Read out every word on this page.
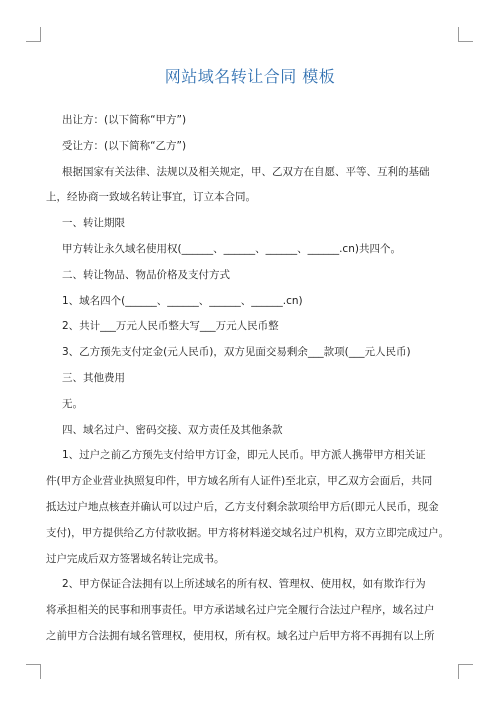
网站域名转让合同 模板

出让方：(以下简称“甲方”)

受让方：(以下简称“乙方”)

根据国家有关法律、法规以及相关规定，甲、乙双方在自愿、平等、互利的基础

上，经协商一致域名转让事宜，订立本合同。

一、转让期限

甲方转让永久域名使用权(______、______、______、______.cn)共四个。

二、转让物品、物品价格及支付方式

1、域名四个(______、______、______、______.cn)

2、共计___万元人民币整大写___万元人民币整

3、乙方预先支付定金(元人民币)，双方见面交易剩余___款项(___元人民币)

三、其他费用

无。

四、域名过户、密码交接、双方责任及其他条款

1、过户之前乙方预先支付给甲方订金，即元人民币。甲方派人携带甲方相关证

件(甲方企业营业执照复印件，甲方域名所有人证件)至北京，甲乙双方会面后，共同

抵达过户地点核查并确认可以过户后，乙方支付剩余款项给甲方后(即元人民币，现金

支付)，甲方提供给乙方付款收据。甲方将材料递交域名过户机构，双方立即完成过户。

过户完成后双方签署域名转让完成书。

2、甲方保证合法拥有以上所述域名的所有权、管理权、使用权，如有欺诈行为

将承担相关的民事和刑事责任。甲方承诺域名过户完全履行合法过户程序，域名过户

之前甲方合法拥有域名管理权，使用权，所有权。域名过户后甲方将不再拥有以上所
